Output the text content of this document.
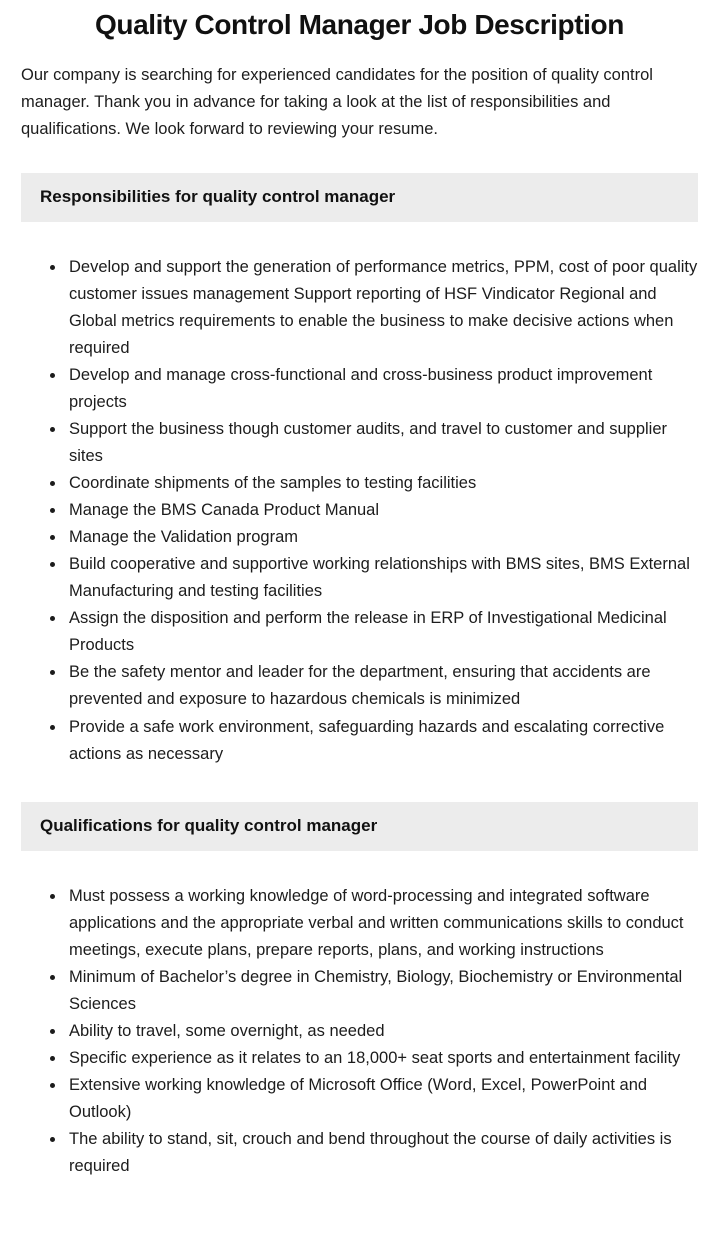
Quality Control Manager Job Description

Our company is searching for experienced candidates for the position of quality control manager. Thank you in advance for taking a look at the list of responsibilities and qualifications. We look forward to reviewing your resume.

Responsibilities for quality control manager
• Develop and support the generation of performance metrics, PPM, cost of poor quality customer issues management Support reporting of HSF Vindicator Regional and Global metrics requirements to enable the business to make decisive actions when required
• Develop and manage cross-functional and cross-business product improvement projects
• Support the business though customer audits, and travel to customer and supplier sites
• Coordinate shipments of the samples to testing facilities
• Manage the BMS Canada Product Manual
• Manage the Validation program
• Build cooperative and supportive working relationships with BMS sites, BMS External Manufacturing and testing facilities
• Assign the disposition and perform the release in ERP of Investigational Medicinal Products
• Be the safety mentor and leader for the department, ensuring that accidents are prevented and exposure to hazardous chemicals is minimized
• Provide a safe work environment, safeguarding hazards and escalating corrective actions as necessary
Qualifications for quality control manager
• Must possess a working knowledge of word-processing and integrated software applications and the appropriate verbal and written communications skills to conduct meetings, execute plans, prepare reports, plans, and working instructions
• Minimum of Bachelor’s degree in Chemistry, Biology, Biochemistry or Environmental Sciences
• Ability to travel, some overnight, as needed
• Specific experience as it relates to an 18,000+ seat sports and entertainment facility
• Extensive working knowledge of Microsoft Office (Word, Excel, PowerPoint and Outlook)
• The ability to stand, sit, crouch and bend throughout the course of daily activities is required
